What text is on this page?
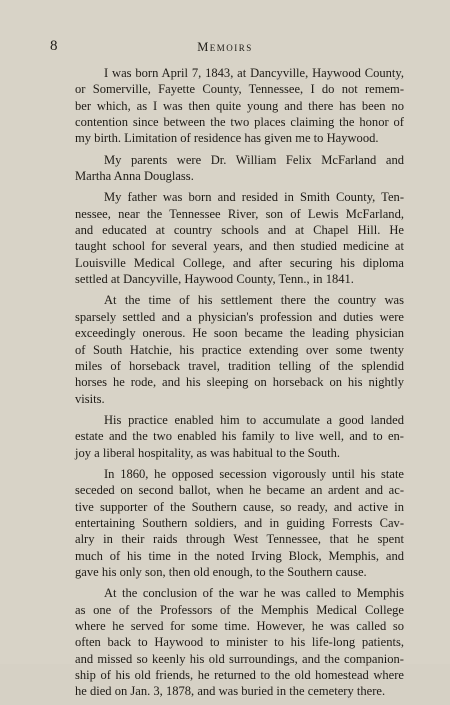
8	Memoirs

I was born April 7, 1843, at Dancyville, Haywood County,
or Somerville, Fayette County, Tennessee, I do not remem-
ber which, as I was then quite young and there has been no
contention since between the two places claiming the honor of
my birth. Limitation of residence has given me to Haywood.

My parents were Dr. William Felix McFarland and
Martha Anna Douglass.

My father was born and resided in Smith County, Ten-
nessee, near the Tennessee River, son of Lewis McFarland,
and educated at country schools and at Chapel Hill. He
taught school for several years, and then studied medicine at
Louisville Medical College, and after securing his diploma
settled at Dancyville, Haywood County, Tenn., in 1841.

At the time of his settlement there the country was
sparsely settled and a physician's profession and duties were
exceedingly onerous. He soon became the leading physician
of South Hatchie, his practice extending over some twenty
miles of horseback travel, tradition telling of the splendid
horses he rode, and his sleeping on horseback on his nightly
visits.

His practice enabled him to accumulate a good landed
estate and the two enabled his family to live well, and to en-
joy a liberal hospitality, as was habitual to the South.

In 1860, he opposed secession vigorously until his state
seceded on second ballot, when he became an ardent and ac-
tive supporter of the Southern cause, so ready, and active in
entertaining Southern soldiers, and in guiding Forrests Cav-
alry in their raids through West Tennessee, that he spent
much of his time in the noted Irving Block, Memphis, and
gave his only son, then old enough, to the Southern cause.

At the conclusion of the war he was called to Memphis
as one of the Professors of the Memphis Medical College
where he served for some time. However, he was called so
often back to Haywood to minister to his life-long patients,
and missed so keenly his old surroundings, and the companion-
ship of his old friends, he returned to the old homestead where
he died on Jan. 3, 1878, and was buried in the cemetery there.
